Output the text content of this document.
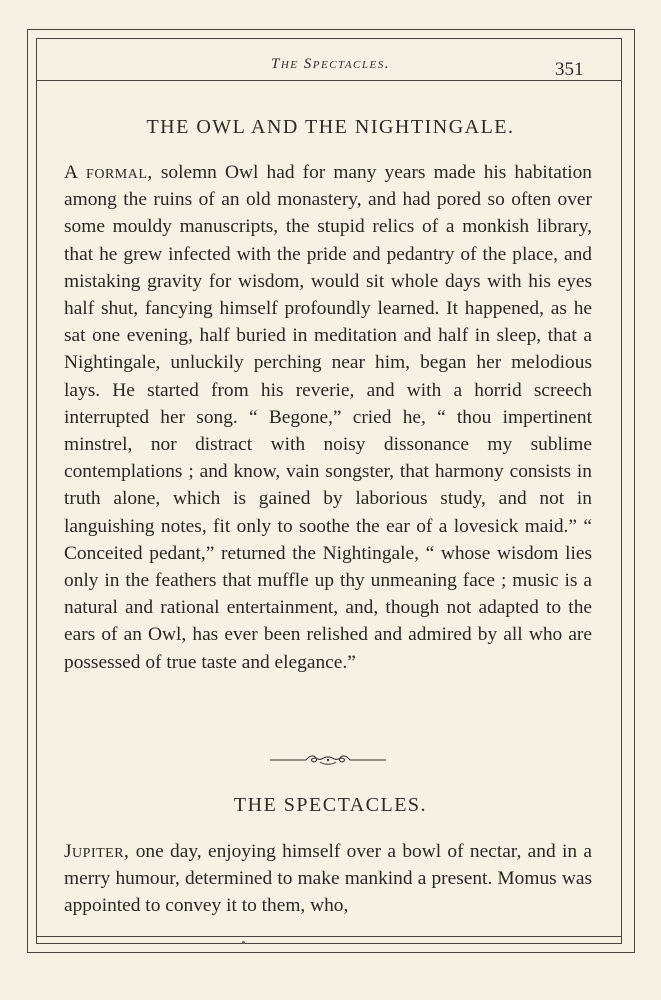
The Spectacles.	351
THE OWL AND THE NIGHTINGALE.
A formal, solemn Owl had for many years made his habitation among the ruins of an old monastery, and had pored so often over some mouldy manuscripts, the stupid relics of a monkish library, that he grew infected with the pride and pedantry of the place, and mistaking gravity for wisdom, would sit whole days with his eyes half shut, fancying himself profoundly learned. It happened, as he sat one evening, half buried in meditation and half in sleep, that a Nightingale, unluckily perching near him, began her melodious lays. He started from his reverie, and with a horrid screech interrupted her song. “ Begone,” cried he, “ thou impertinent minstrel, nor distract with noisy dissonance my sublime contemplations ; and know, vain songster, that harmony consists in truth alone, which is gained by laborious study, and not in languishing notes, fit only to soothe the ear of a lovesick maid.” “ Conceited pedant,” returned the Nightingale, “ whose wisdom lies only in the feathers that muffle up thy unmeaning face ; music is a natural and rational entertainment, and, though not adapted to the ears of an Owl, has ever been relished and admired by all who are possessed of true taste and elegance.”
THE SPECTACLES.
Jupiter, one day, enjoying himself over a bowl of nectar, and in a merry humour, determined to make mankind a present. Momus was appointed to convey it to them, who,
